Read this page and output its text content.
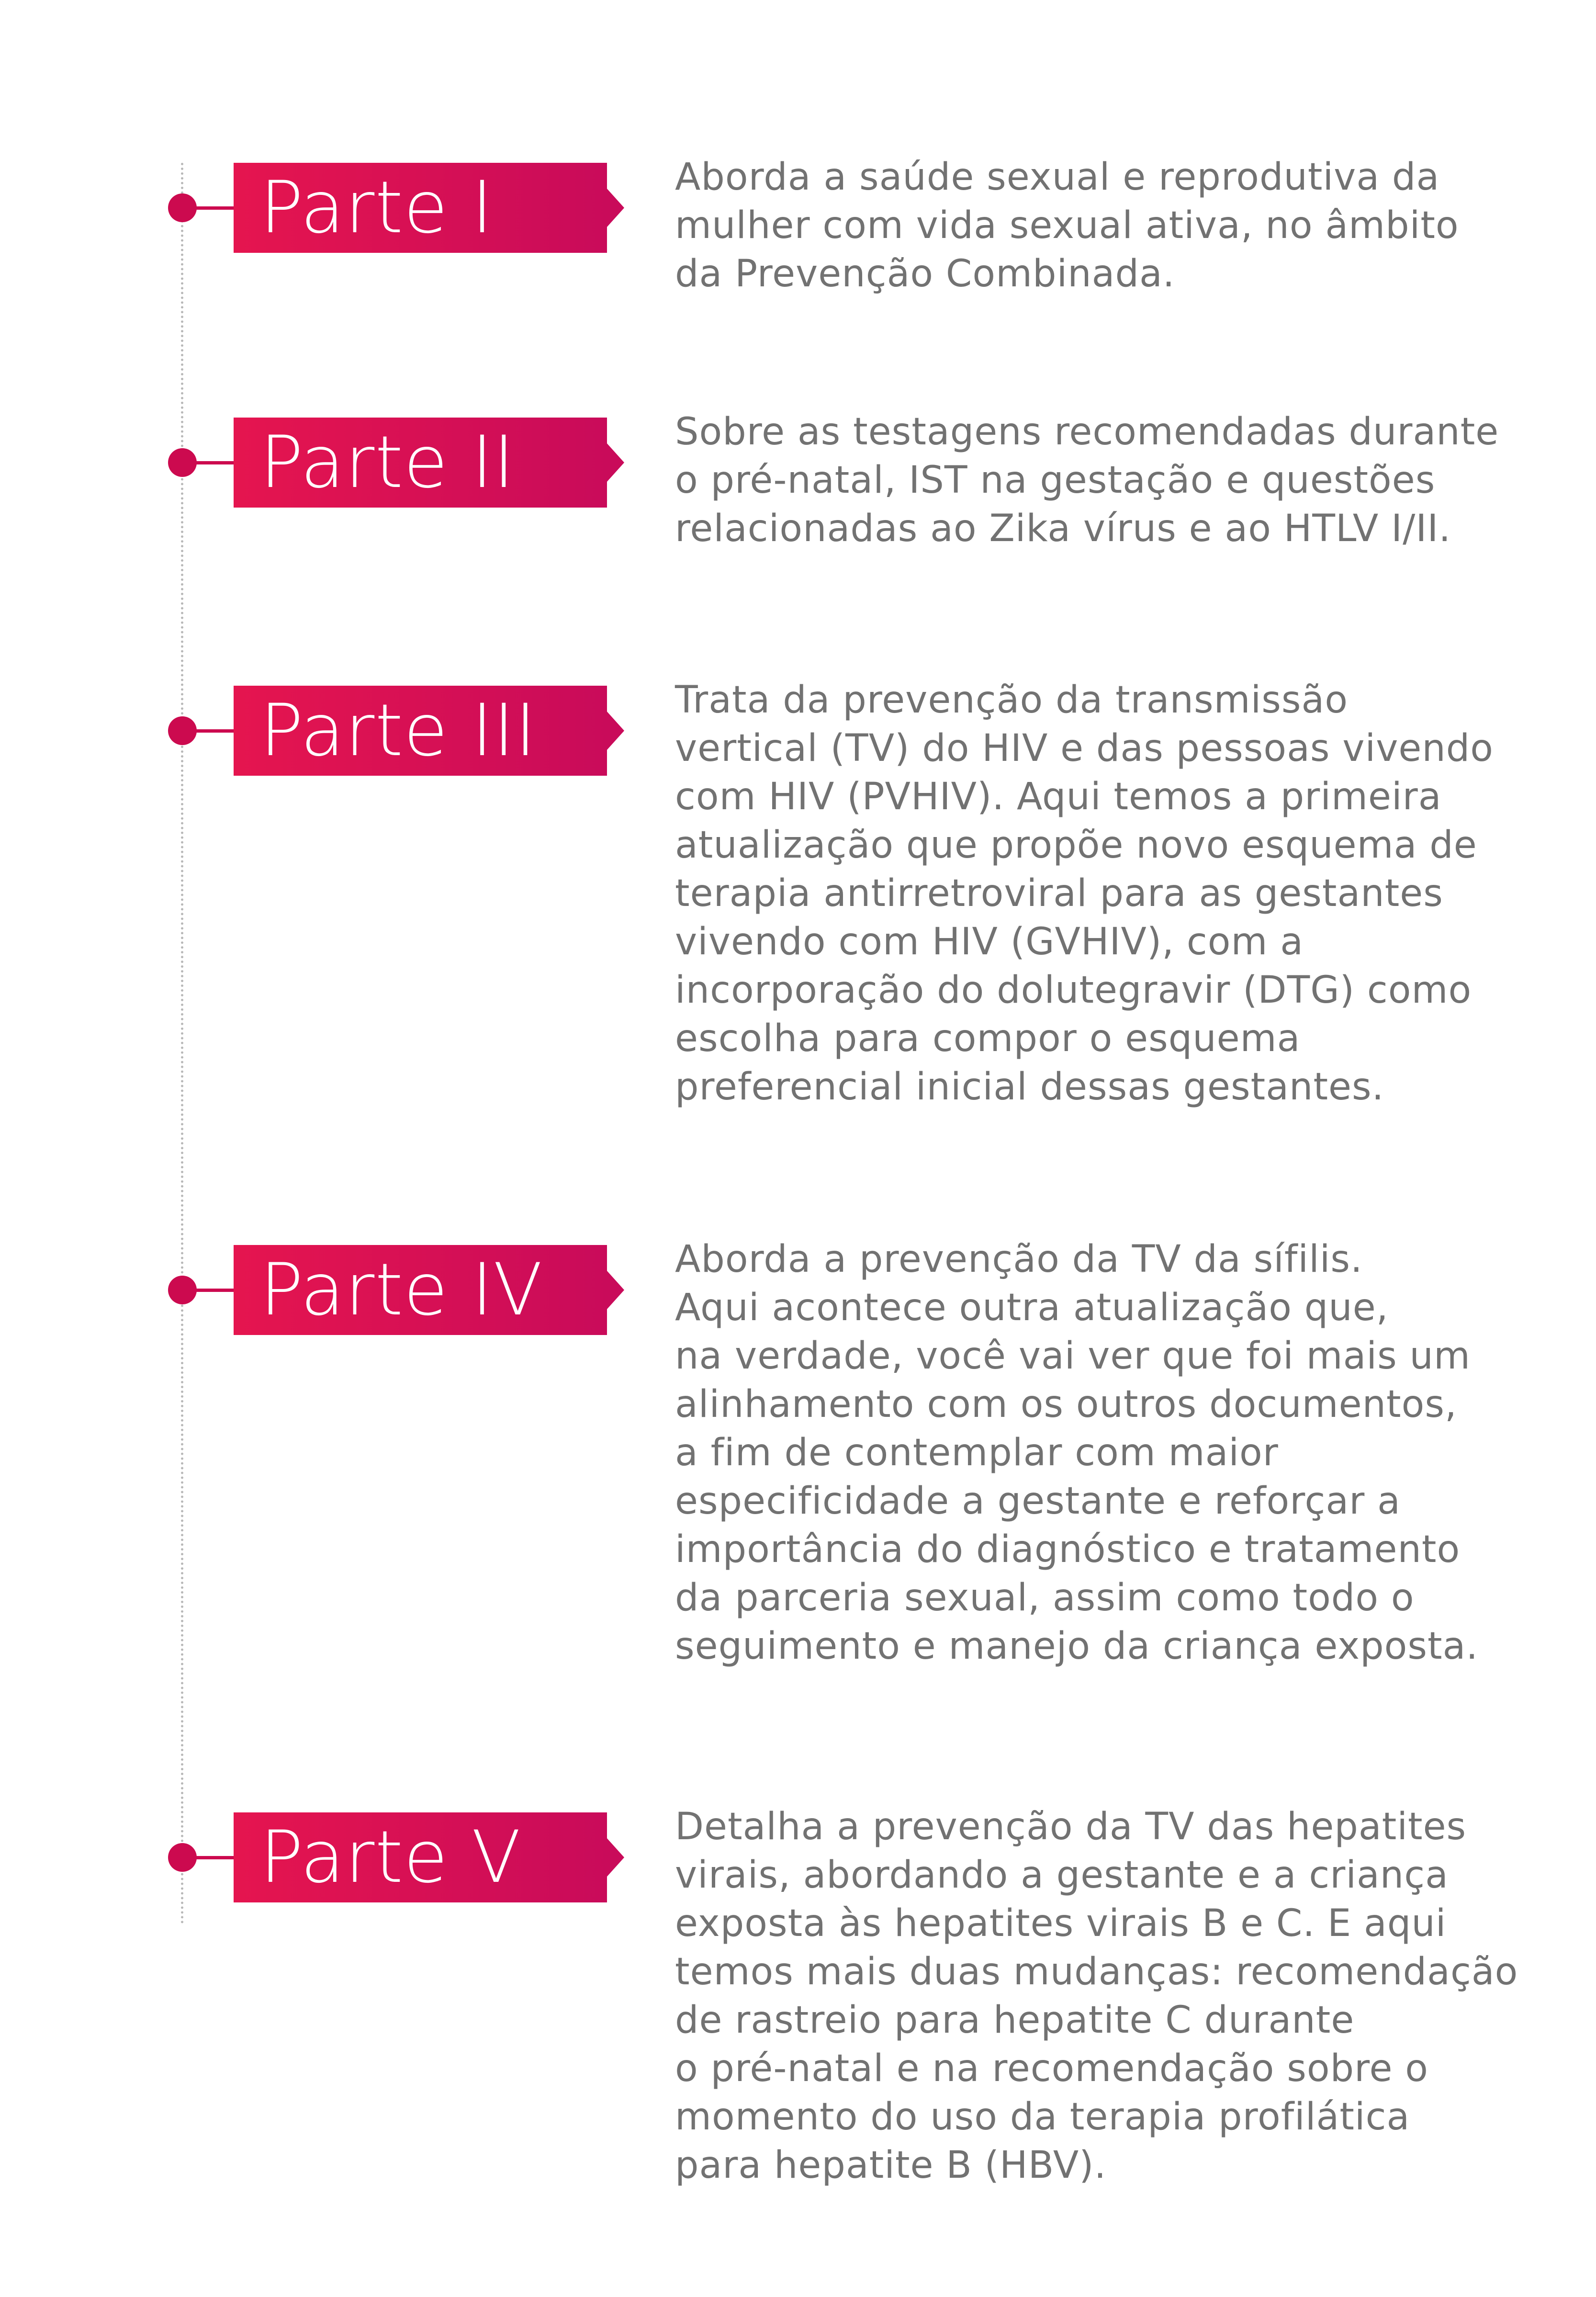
Parte I	Aborda a saúde sexual e reprodutiva da
mulher com vida sexual ativa, no âmbito
da Prevenção Combinada.
Parte II	Sobre as testagens recomendadas durante
o pré-natal, IST na gestação e questões
relacionadas ao Zika vírus e ao HTLV I/II.
Parte III	Trata da prevenção da transmissão
vertical (TV) do HIV e das pessoas vivendo
com HIV (PVHIV). Aqui temos a primeira
atualização que propõe novo esquema de
terapia antirretroviral para as gestantes
vivendo com HIV (GVHIV), com a
incorporação do dolutegravir (DTG) como
escolha para compor o esquema
preferencial inicial dessas gestantes.
Parte IV	Aborda a prevenção da TV da sífilis.
Aqui acontece outra atualização que,
na verdade, você vai ver que foi mais um
alinhamento com os outros documentos,
a fim de contemplar com maior
especificidade a gestante e reforçar a
importância do diagnóstico e tratamento
da parceria sexual, assim como todo o
seguimento e manejo da criança exposta.
Parte V	Detalha a prevenção da TV das hepatites
virais, abordando a gestante e a criança
exposta às hepatites virais B e C. E aqui
temos mais duas mudanças: recomendação
de rastreio para hepatite C durante
o pré-natal e na recomendação sobre o
momento do uso da terapia profilática
para hepatite B (HBV).
